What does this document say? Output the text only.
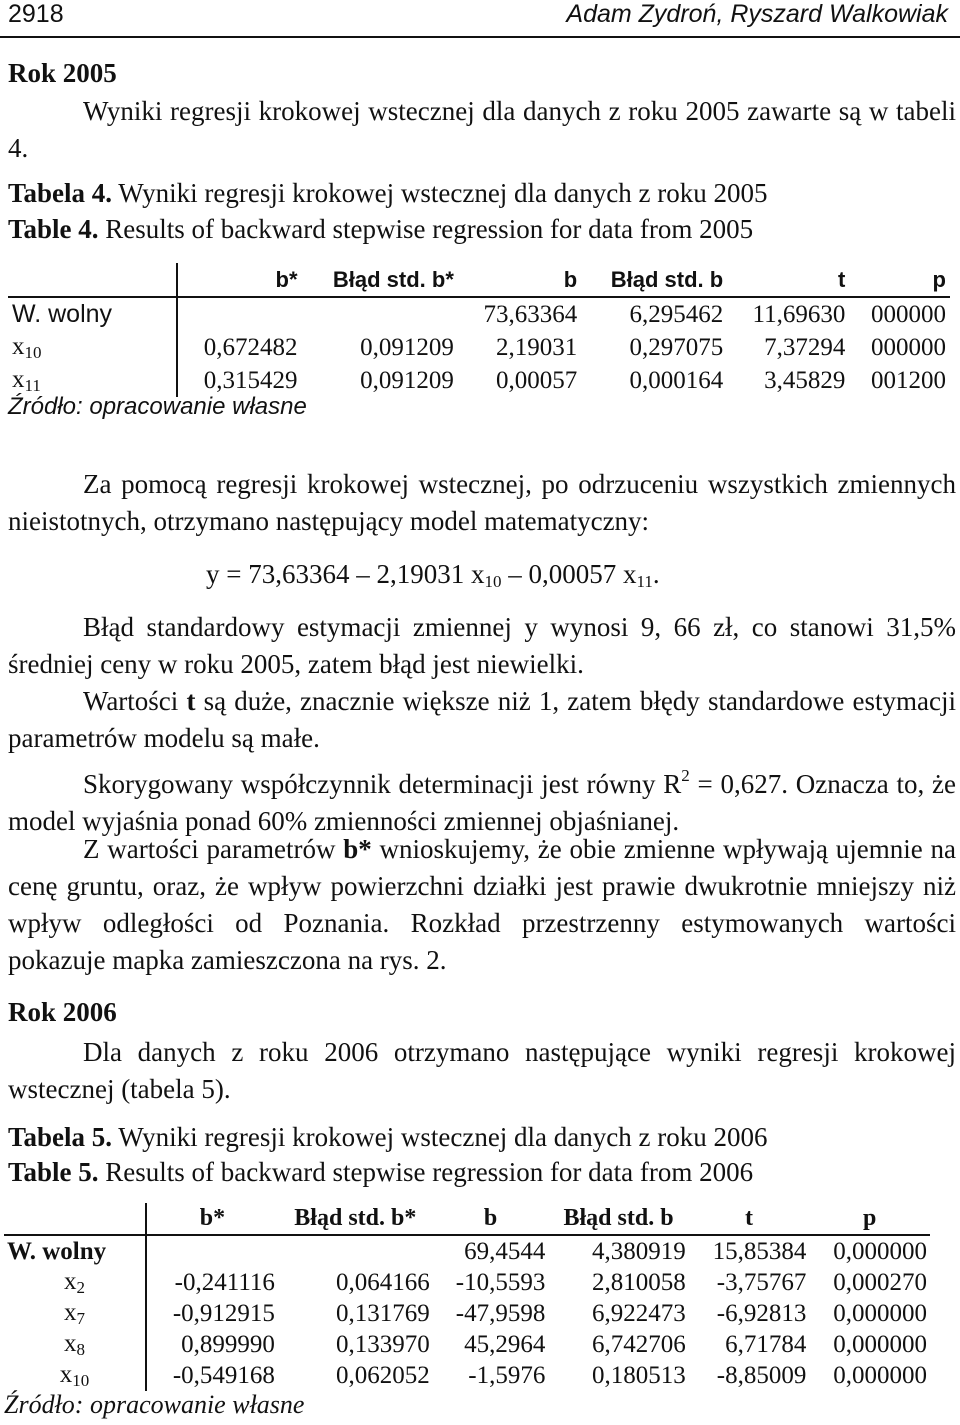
2918	Adam Zydroń, Ryszard Walkowiak
Rok 2005
Wyniki regresji krokowej wstecznej dla danych z roku 2005 zawarte są w tabeli 4.
Tabela 4. Wyniki regresji krokowej wstecznej dla danych z roku 2005
Table 4. Results of backward stepwise regression for data from 2005
	b*	Błąd std. b*	b	Błąd std. b	t	p
W. wolny			73,63364	6,295462	11,69630	000000
$x_{10}$	0,672482	0,091209	2,19031	0,297075	7,37294	000000
$x_{11}$	0,315429	0,091209	0,00057	0,000164	3,45829	001200
Źródło: opracowanie własne
Za pomocą regresji krokowej wstecznej, po odrzuceniu wszystkich zmiennych nieistotnych, otrzymano następujący model matematyczny:
y = 73,63364 – 2,19031 $x_{10} - 0,00057$ $x_{11}$.
Błąd standardowy estymacji zmiennej y wynosi 9, 66 zł, co stanowi 31,5% średniej ceny w roku 2005, zatem błąd jest niewielki.
Wartości t są duże, znacznie większe niż 1, zatem błędy standardowe estymacji parametrów modelu są małe.
Skorygowany współczynnik determinacji jest równy $R^2 = 0,627$. Oznacza to, że model wyjaśnia ponad 60% zmienności zmiennej objaśnianej.
Z wartości parametrów b* wnioskujemy, że obie zmienne wpływają ujemnie na cenę gruntu, oraz, że wpływ powierzchni działki jest prawie dwukrotnie mniejszy niż wpływ odległości od Poznania. Rozkład przestrzenny estymowanych wartości pokazuje mapka zamieszczona na rys. 2.
Rok 2006
Dla danych z roku 2006 otrzymano następujące wyniki regresji krokowej wstecznej (tabela 5).
Tabela 5. Wyniki regresji krokowej wstecznej dla danych z roku 2006
Table 5. Results of backward stepwise regression for data from 2006
	b*	Błąd std. b*	b	Błąd std. b	t	p
W. wolny			69,4544	4,380919	15,85384	0,000000
$x_2$	-0,241116	0,064166	-10,5593	2,810058	-3,75767	0,000270
$x_7$	-0,912915	0,131769	-47,9598	6,922473	-6,92813	0,000000
$x_8$	0,899990	0,133970	45,2964	6,742706	6,71784	0,000000
$x_{10}$	-0,549168	0,062052	-1,5976	0,180513	-8,85009	0,000000
Źródło: opracowanie własne
